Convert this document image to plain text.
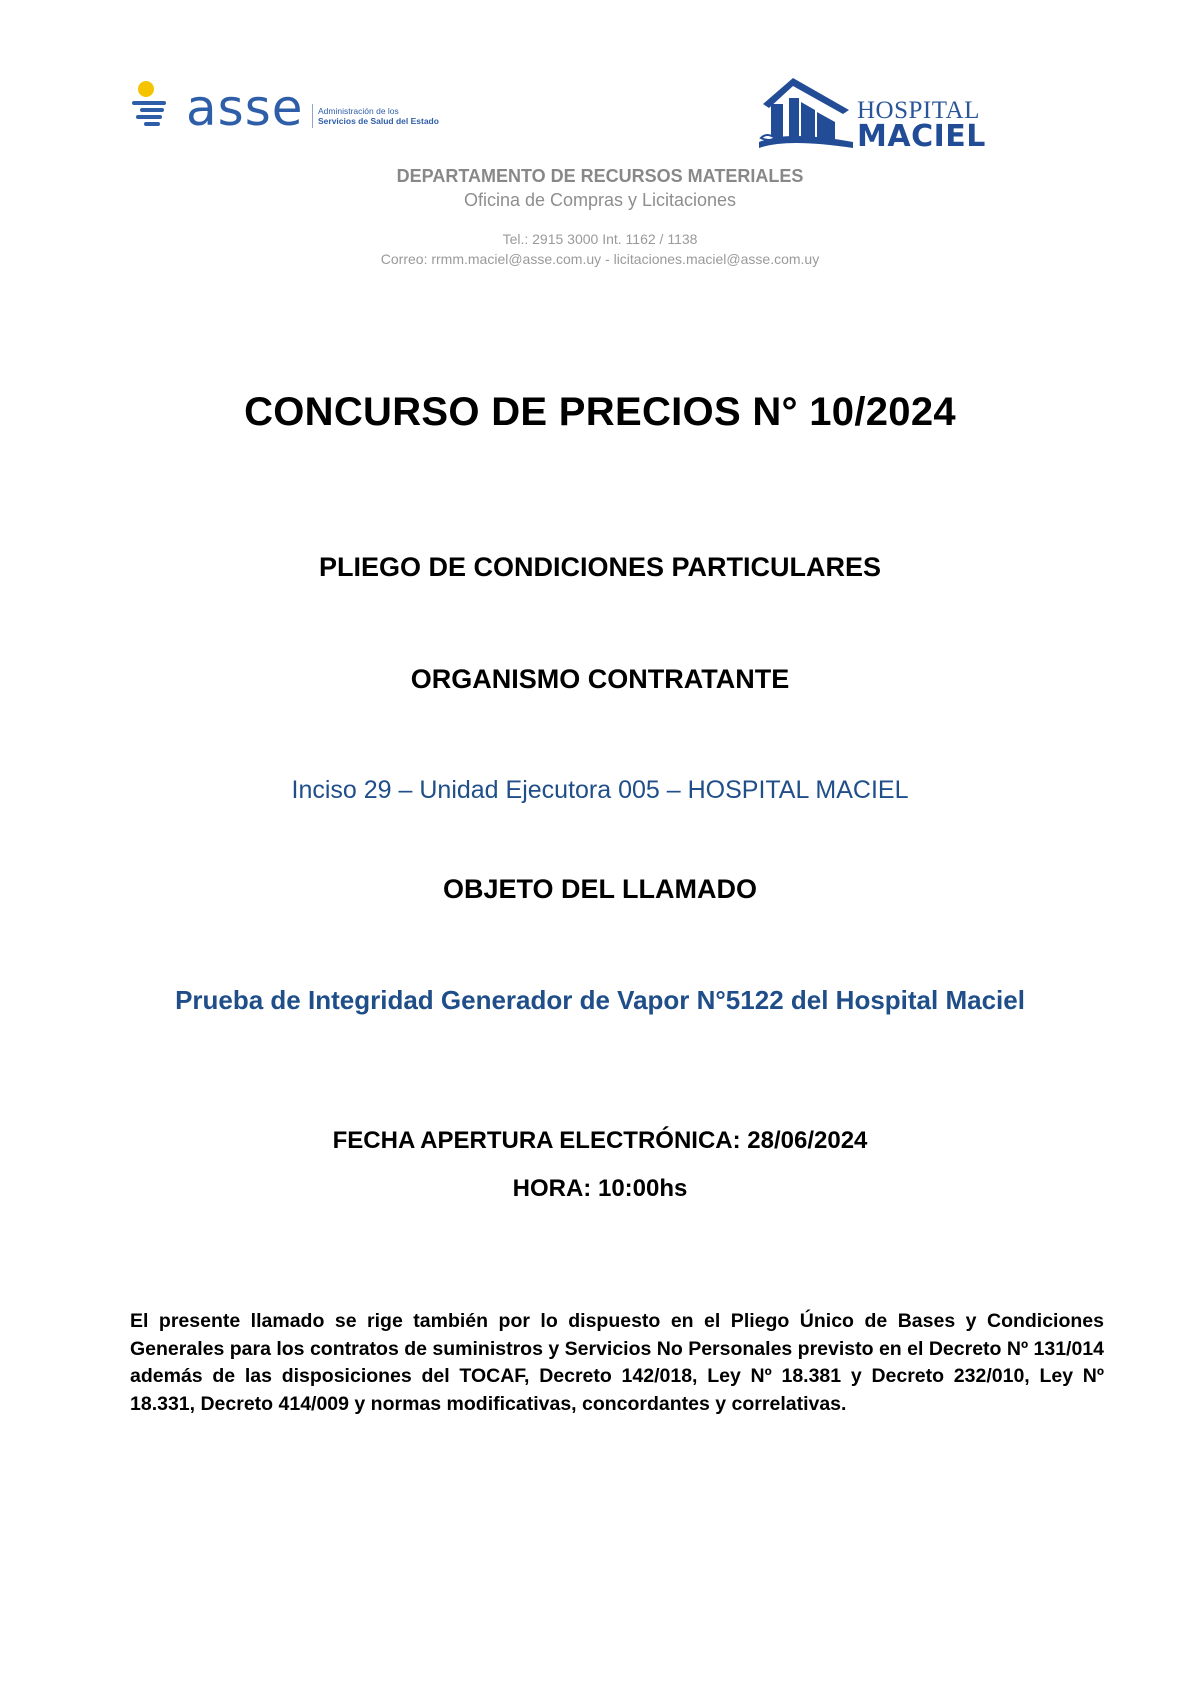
asse Administración de los
Servicios de Salud del Estado	HOSPITAL
MACIEL
DEPARTAMENTO DE RECURSOS MATERIALES
Oficina de Compras y Licitaciones
Tel.: 2915 3000 Int. 1162 / 1138
Correo: rrmm.maciel@asse.com.uy - licitaciones.maciel@asse.com.uy
CONCURSO DE PRECIOS N° 10/2024
PLIEGO DE CONDICIONES PARTICULARES
ORGANISMO CONTRATANTE
Inciso 29 – Unidad Ejecutora 005 – HOSPITAL MACIEL
OBJETO DEL LLAMADO
Prueba de Integridad Generador de Vapor N°5122 del Hospital Maciel
FECHA APERTURA ELECTRÓNICA: 28/06/2024
HORA: 10:00hs
El presente llamado se rige también por lo dispuesto en el Pliego Único de Bases y Condiciones Generales para los contratos de suministros y Servicios No Personales previsto en el Decreto Nº 131/014 además de las disposiciones del TOCAF, Decreto 142/018, Ley Nº 18.381 y Decreto 232/010, Ley Nº 18.331, Decreto 414/009 y normas modificativas, concordantes y correlativas.
